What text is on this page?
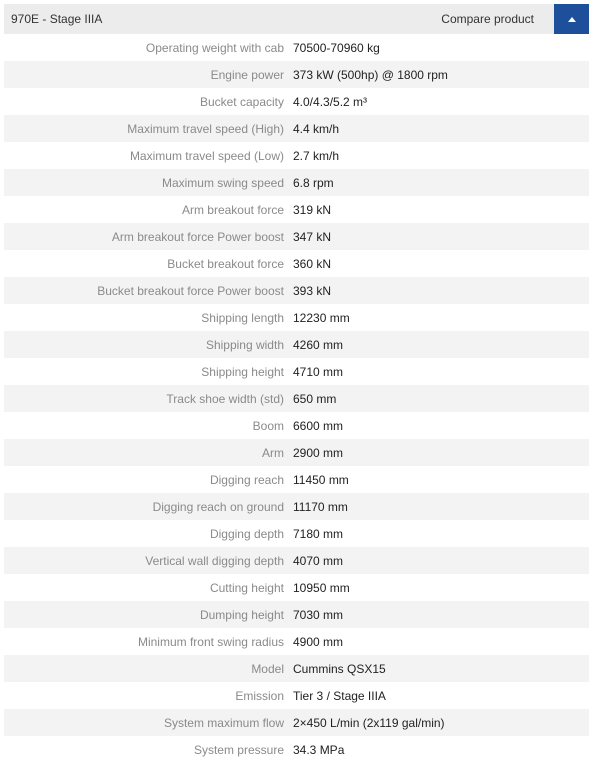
970E - Stage IIIA	Compare product
Operating weight with cab 70500-70960 kg
Engine power 373 kW (500hp) @ 1800 rpm
Bucket capacity 4.0/4.3/5.2 m³
Maximum travel speed (High) 4.4 km/h
Maximum travel speed (Low) 2.7 km/h
Maximum swing speed 6.8 rpm
Arm breakout force 319 kN
Arm breakout force Power boost 347 kN
Bucket breakout force 360 kN
Bucket breakout force Power boost 393 kN
Shipping length 12230 mm
Shipping width 4260 mm
Shipping height 4710 mm
Track shoe width (std) 650 mm
Boom 6600 mm
Arm 2900 mm
Digging reach 11450 mm
Digging reach on ground 11170 mm
Digging depth 7180 mm
Vertical wall digging depth 4070 mm
Cutting height 10950 mm
Dumping height 7030 mm
Minimum front swing radius 4900 mm
Model Cummins QSX15
Emission Tier 3 / Stage IIIA
System maximum flow 2×450 L/min (2x119 gal/min)
System pressure 34.3 MPa
